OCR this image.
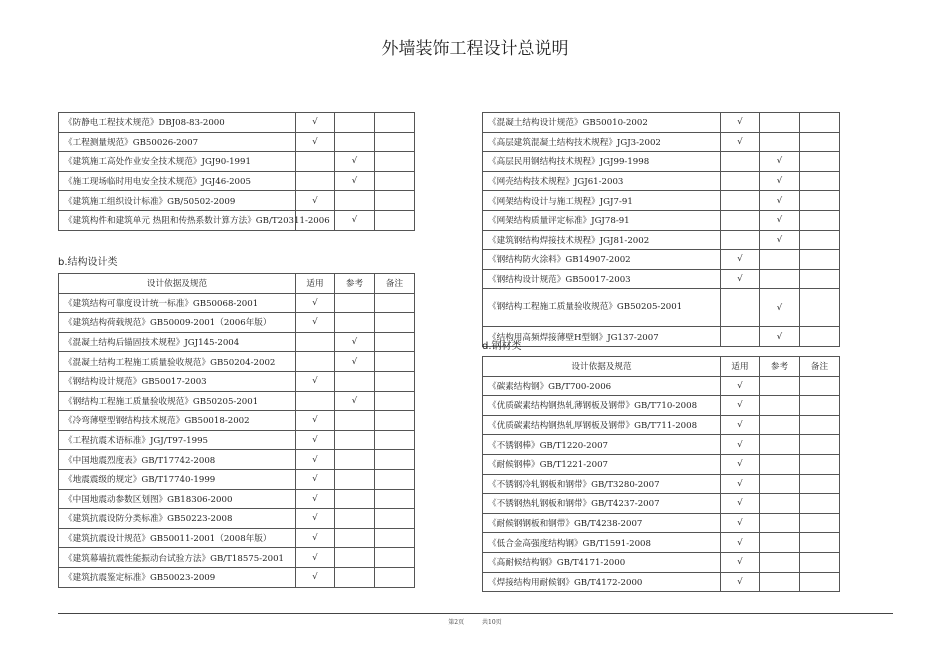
外墙装饰工程设计总说明
《防静电工程技术规范》DBJ08-83-2000	√		
《工程测量规范》GB50026-2007	√		
《建筑施工高处作业安全技术规范》JGJ90-1991		√	
《施工现场临时用电安全技术规范》JGJ46-2005		√	
《建筑施工组织设计标准》GB/50502-2009	√		
《建筑构件和建筑单元 热阻和传热系数计算方法》GB/T20311-2006		√	
b.结构设计类
设计依据及规范	适用	参考	备注
《建筑结构可靠度设计统一标准》GB50068-2001	√		
《建筑结构荷载规范》GB50009-2001（2006年版）	√		
《混凝土结构后锚固技术规程》JGJ145-2004		√	
《混凝土结构工程施工质量验收规范》GB50204-2002		√	
《钢结构设计规范》GB50017-2003	√		
《钢结构工程施工质量验收规范》GB50205-2001		√	
《冷弯薄壁型钢结构技术规范》GB50018-2002	√		
《工程抗震术语标准》JGJ/T97-1995	√		
《中国地震烈度表》GB/T17742-2008	√		
《地震震级的规定》GB/T17740-1999	√		
《中国地震动参数区划图》GB18306-2000	√		
《建筑抗震设防分类标准》GB50223-2008	√		
《建筑抗震设计规范》GB50011-2001（2008年版）	√		
《建筑幕墙抗震性能振动台试验方法》GB/T18575-2001	√		
《建筑抗震鉴定标准》GB50023-2009	√		
《混凝土结构设计规范》GB50010-2002	√		
《高层建筑混凝土结构技术规程》JGJ3-2002	√		
《高层民用钢结构技术规程》JGJ99-1998		√	
《网壳结构技术规程》JGJ61-2003		√	
《网架结构设计与施工规程》JGJ7-91		√	
《网架结构质量评定标准》JGJ78-91		√	
《建筑钢结构焊接技术规程》JGJ81-2002		√	
《钢结构防火涂料》GB14907-2002	√		
《钢结构设计规范》GB50017-2003	√		
《钢结构工程施工质量验收规范》GB50205-2001		√	
《结构用高频焊接薄壁H型钢》JG137-2007		√	
d.钢材类
设计依据及规范	适用	参考	备注
《碳素结构钢》GB/T700-2006	√		
《优质碳素结构钢热轧薄钢板及钢带》GB/T710-2008	√		
《优质碳素结构钢热轧厚钢板及钢带》GB/T711-2008	√		
《不锈钢棒》GB/T1220-2007	√		
《耐候钢棒》GB/T1221-2007	√		
《不锈钢冷轧钢板和钢带》GB/T3280-2007	√		
《不锈钢热轧钢板和钢带》GB/T4237-2007	√		
《耐候钢钢板和钢带》GB/T4238-2007	√		
《低合金高强度结构钢》GB/T1591-2008	√		
《高耐候结构钢》GB/T4171-2000	√		
《焊接结构用耐候钢》GB/T4172-2000	√		
第2页	共10页
